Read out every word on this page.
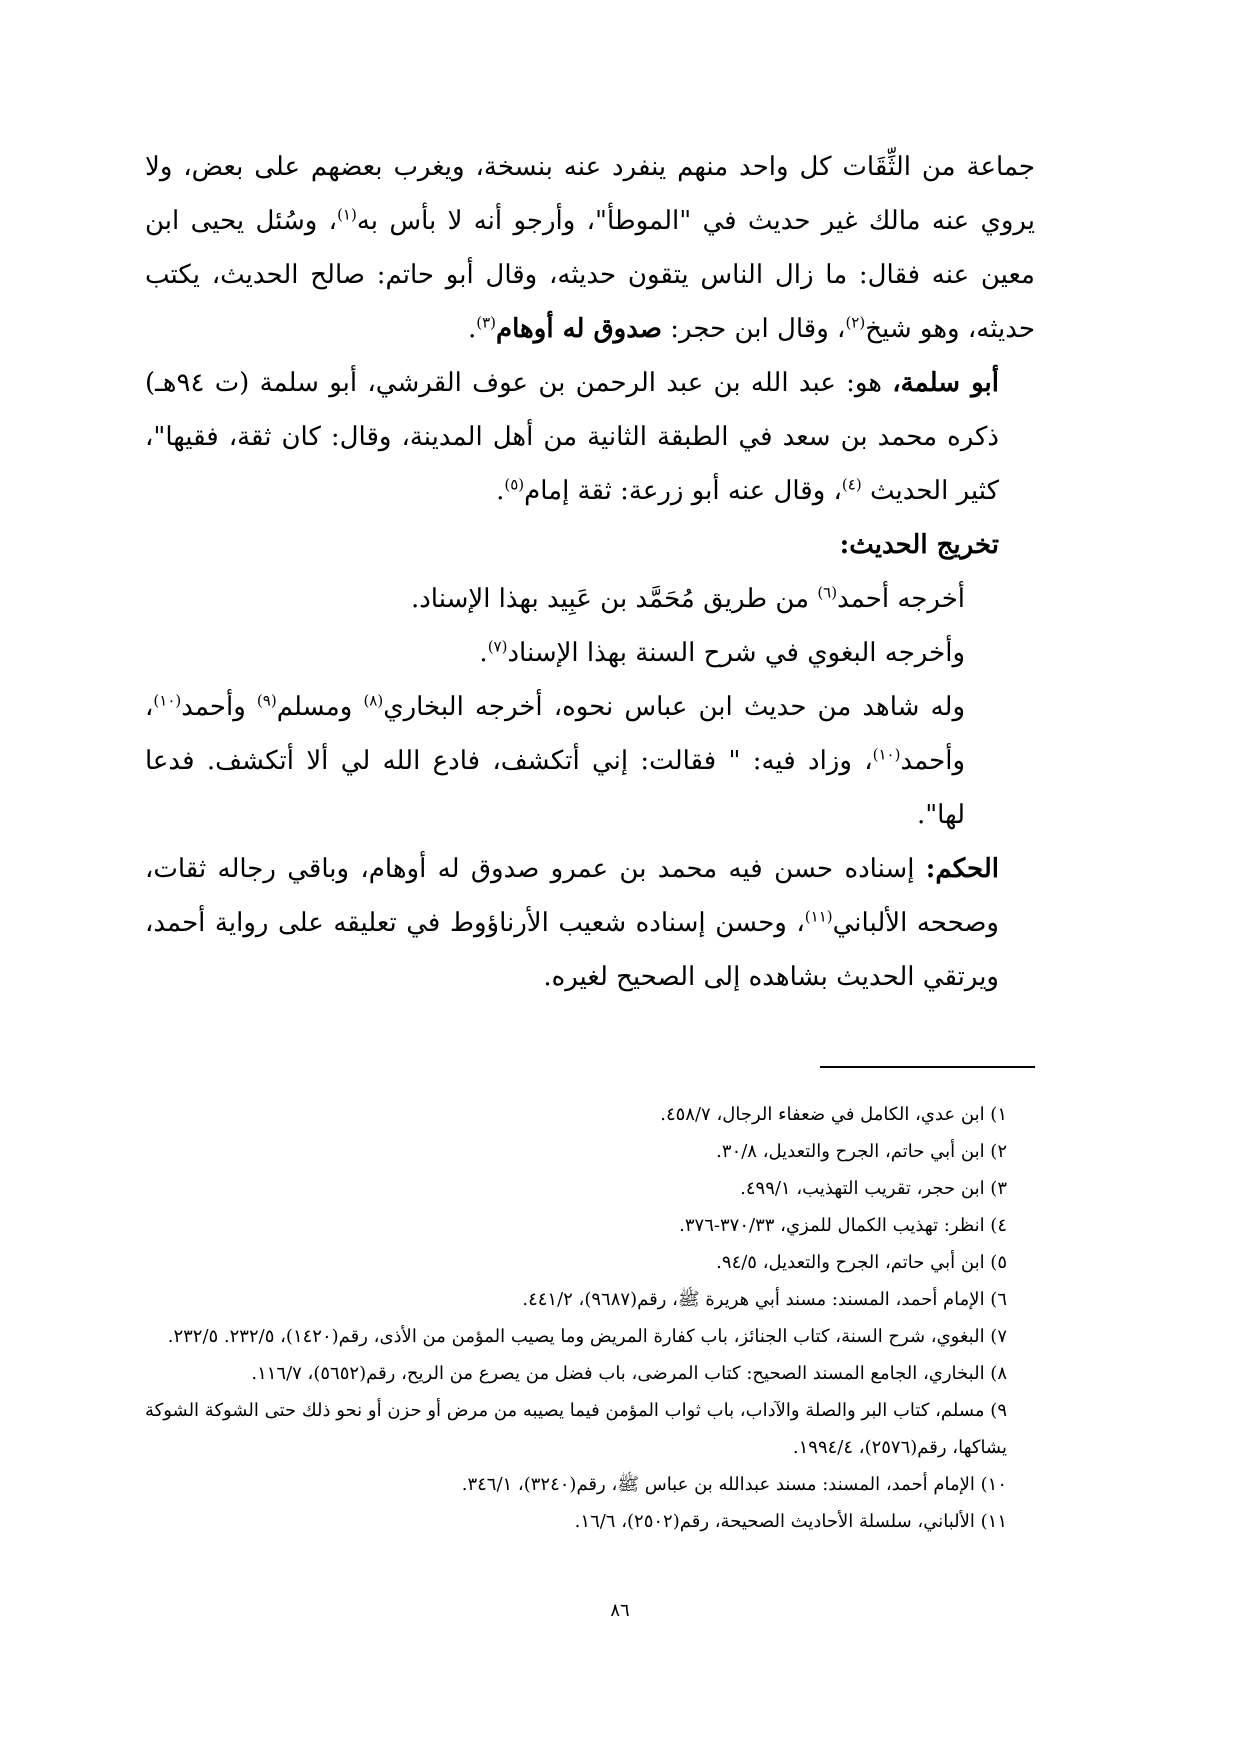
جماعة من الثِّقَات كل واحد منهم ينفرد عنه بنسخة، ويغرب بعضهم على بعض، ولا يروي عنه مالك غير حديث في "الموطأ"، وأرجو أنه لا بأس به$^{(١)}$، وسُئل يحيى ابن معين عنه فقال: ما زال الناس يتقون حديثه، وقال أبو حاتم: صالح الحديث، يكتب حديثه، وهو شيخ$^{(٢)}$، وقال ابن حجر: صدوق له أوهام$^{(٣)}$.

أبو سلمة، هو: عبد الله بن عبد الرحمن بن عوف القرشي، أبو سلمة (ت ٩٤هـ) ذكره محمد بن سعد في الطبقة الثانية من أهل المدينة، وقال: كان ثقة، فقيها"، كثير الحديث $^{(٤)}$، وقال عنه أبو زرعة: ثقة إمام$^{(٥)}$.

تخريج الحديث:

أخرجه أحمد$^{(٦)}$ من طريق مُحَمَّد بن عَبِيد بهذا الإسناد.

وأخرجه البغوي في شرح السنة بهذا الإسناد$^{(٧)}$.

وله شاهد من حديث ابن عباس نحوه، أخرجه البخاري$^{(٨)}$ ومسلم$^{(٩)}$ وأحمد$^{(١٠)}$، وأحمد$^{(١٠)}$، وزاد فيه: " فقالت: إني أتكشف، فادع الله لي ألا أتكشف. فدعا لها".

الحكم: إسناده حسن فيه محمد بن عمرو صدوق له أوهام، وباقي رجاله ثقات، وصححه الألباني$^{(١١)}$، وحسن إسناده شعيب الأرناؤوط في تعليقه على رواية أحمد، ويرتقي الحديث بشاهده إلى الصحيح لغيره.

١) ابن عدي، الكامل في ضعفاء الرجال، ٤٥٨/٧.

٢) ابن أبي حاتم، الجرح والتعديل، ٣٠/٨.

٣) ابن حجر، تقريب التهذيب، ٤٩٩/١.

٤) انظر: تهذيب الكمال للمزي، ٣٧٠/٣٣-٣٧٦.

٥) ابن أبي حاتم، الجرح والتعديل، ٩٤/٥.

٦) الإمام أحمد، المسند: مسند أبي هريرة ﷺ، رقم(٩٦٨٧)، ٤٤١/٢.

٧) البغوي، شرح السنة، كتاب الجنائز، باب كفارة المريض وما يصيب المؤمن من الأذى، رقم(١٤٢٠)، ٢٣٢/٥. ٢٣٢/٥.

٨) البخاري، الجامع المسند الصحيح: كتاب المرضى، باب فضل من يصرع من الريح، رقم(٥٦٥٢)، ١١٦/٧.

٩) مسلم، كتاب البر والصلة والآداب، باب ثواب المؤمن فيما يصيبه من مرض أو حزن أو نحو ذلك حتى الشوكة الشوكة يشاكها، رقم(٢٥٧٦)، ١٩٩٤/٤.

١٠) الإمام أحمد، المسند: مسند عبدالله بن عباس ﷺ، رقم(٣٢٤٠)، ٣٤٦/١.

١١) الألباني، سلسلة الأحاديث الصحيحة، رقم(٢٥٠٢)، ١٦/٦.

٨٦
